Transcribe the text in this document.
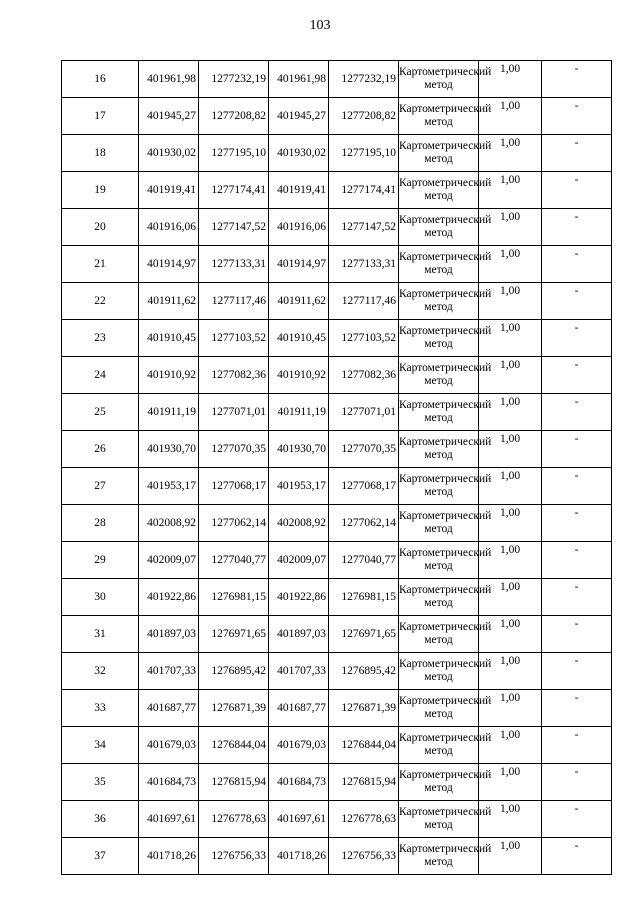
103
16	401961,98	1277232,19	401961,98	1277232,19	Картометрический метод	1,00	-
17	401945,27	1277208,82	401945,27	1277208,82	Картометрический метод	1,00	-
18	401930,02	1277195,10	401930,02	1277195,10	Картометрический метод	1,00	-
19	401919,41	1277174,41	401919,41	1277174,41	Картометрический метод	1,00	-
20	401916,06	1277147,52	401916,06	1277147,52	Картометрический метод	1,00	-
21	401914,97	1277133,31	401914,97	1277133,31	Картометрический метод	1,00	-
22	401911,62	1277117,46	401911,62	1277117,46	Картометрический метод	1,00	-
23	401910,45	1277103,52	401910,45	1277103,52	Картометрический метод	1,00	-
24	401910,92	1277082,36	401910,92	1277082,36	Картометрический метод	1,00	-
25	401911,19	1277071,01	401911,19	1277071,01	Картометрический метод	1,00	-
26	401930,70	1277070,35	401930,70	1277070,35	Картометрический метод	1,00	-
27	401953,17	1277068,17	401953,17	1277068,17	Картометрический метод	1,00	-
28	402008,92	1277062,14	402008,92	1277062,14	Картометрический метод	1,00	-
29	402009,07	1277040,77	402009,07	1277040,77	Картометрический метод	1,00	-
30	401922,86	1276981,15	401922,86	1276981,15	Картометрический метод	1,00	-
31	401897,03	1276971,65	401897,03	1276971,65	Картометрический метод	1,00	-
32	401707,33	1276895,42	401707,33	1276895,42	Картометрический метод	1,00	-
33	401687,77	1276871,39	401687,77	1276871,39	Картометрический метод	1,00	-
34	401679,03	1276844,04	401679,03	1276844,04	Картометрический метод	1,00	-
35	401684,73	1276815,94	401684,73	1276815,94	Картометрический метод	1,00	-
36	401697,61	1276778,63	401697,61	1276778,63	Картометрический метод	1,00	-
37	401718,26	1276756,33	401718,26	1276756,33	Картометрический метод	1,00	-
